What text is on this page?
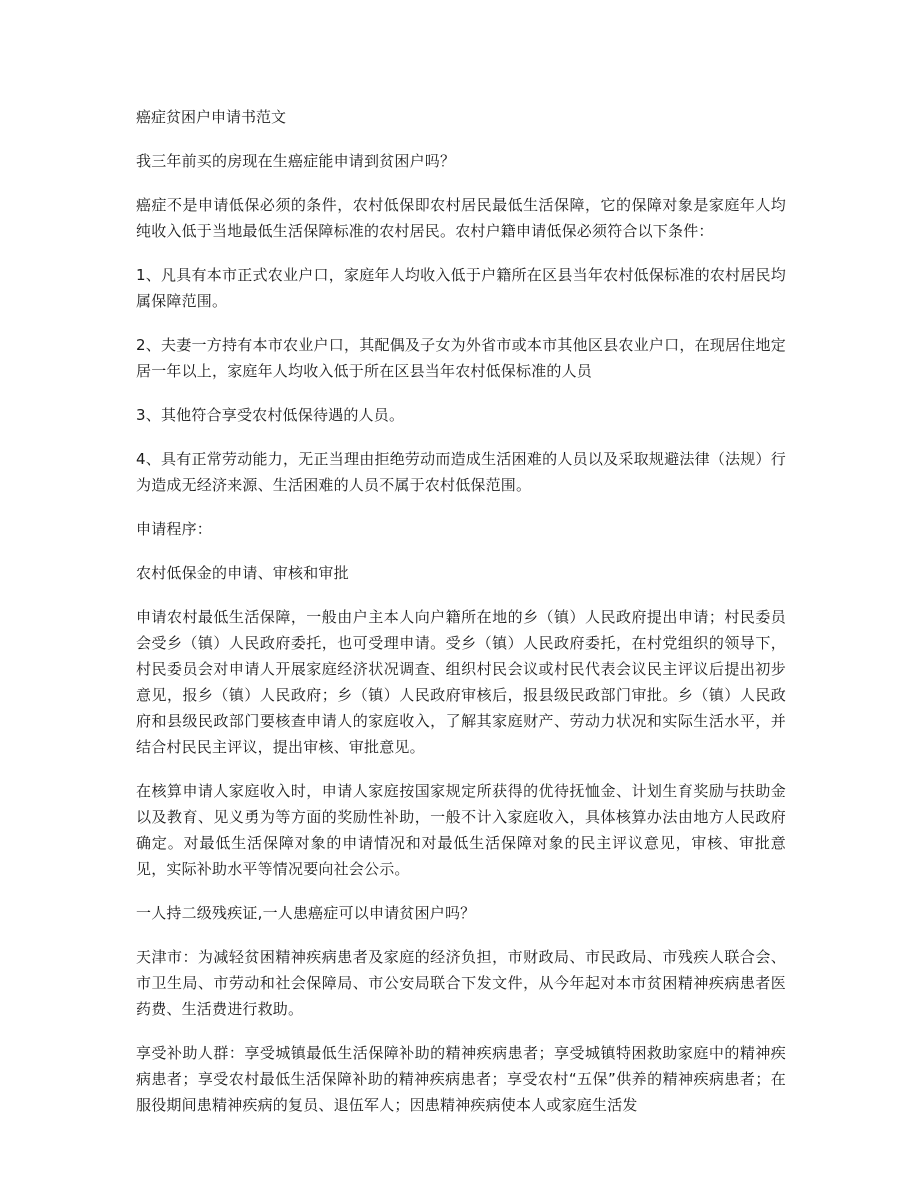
癌症贫困户申请书范文

我三年前买的房现在生癌症能申请到贫困户吗？

癌症不是申请低保必须的条件，农村低保即农村居民最低生活保障，它的保障对象是家庭年人均纯收入低于当地最低生活保障标准的农村居民。农村户籍申请低保必须符合以下条件：

1、凡具有本市正式农业户口，家庭年人均收入低于户籍所在区县当年农村低保标准的农村居民均属保障范围。

2、夫妻一方持有本市农业户口，其配偶及子女为外省市或本市其他区县农业户口，在现居住地定居一年以上，家庭年人均收入低于所在区县当年农村低保标准的人员

3、其他符合享受农村低保待遇的人员。

4、具有正常劳动能力，无正当理由拒绝劳动而造成生活困难的人员以及采取规避法律（法规）行为造成无经济来源、生活困难的人员不属于农村低保范围。

申请程序：

农村低保金的申请、审核和审批

申请农村最低生活保障，一般由户主本人向户籍所在地的乡（镇）人民政府提出申请；村民委员会受乡（镇）人民政府委托，也可受理申请。受乡（镇）人民政府委托，在村党组织的领导下，村民委员会对申请人开展家庭经济状况调查、组织村民会议或村民代表会议民主评议后提出初步意见，报乡（镇）人民政府；乡（镇）人民政府审核后，报县级民政部门审批。乡（镇）人民政府和县级民政部门要核查申请人的家庭收入，了解其家庭财产、劳动力状况和实际生活水平，并结合村民民主评议，提出审核、审批意见。

在核算申请人家庭收入时，申请人家庭按国家规定所获得的优待抚恤金、计划生育奖励与扶助金以及教育、见义勇为等方面的奖励性补助，一般不计入家庭收入，具体核算办法由地方人民政府确定。对最低生活保障对象的申请情况和对最低生活保障对象的民主评议意见，审核、审批意见，实际补助水平等情况要向社会公示。

一人持二级残疾证,一人患癌症可以申请贫困户吗？

天津市：为减轻贫困精神疾病患者及家庭的经济负担，市财政局、市民政局、市残疾人联合会、市卫生局、市劳动和社会保障局、市公安局联合下发文件，从今年起对本市贫困精神疾病患者医药费、生活费进行救助。

享受补助人群：享受城镇最低生活保障补助的精神疾病患者；享受城镇特困救助家庭中的精神疾病患者；享受农村最低生活保障补助的精神疾病患者；享受农村“五保”供养的精神疾病患者；在服役期间患精神疾病的复员、退伍军人；因患精神疾病使本人或家庭生活发
